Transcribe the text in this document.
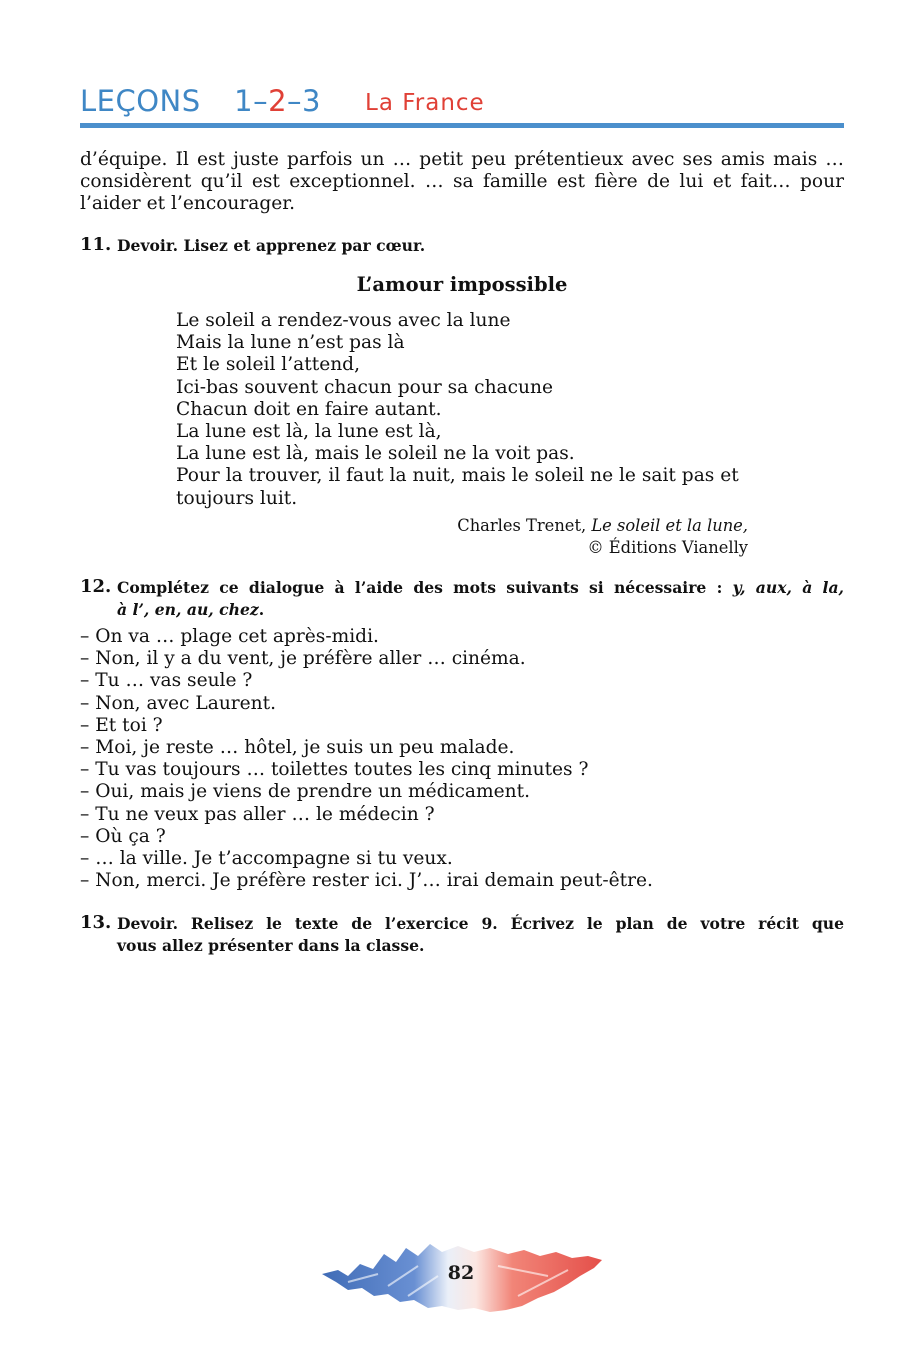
LEÇONS 1–2–3 La France
d’équipe. Il est juste parfois un … petit peu prétentieux avec ses amis mais …
considèrent qu’il est exceptionnel. … sa famille est fière de lui et fait… pour
l’aider et l’encourager.
11. Devoir. Lisez et apprenez par cœur.
L’amour impossible
Le soleil a rendez-vous avec la lune
Mais la lune n’est pas là
Et le soleil l’attend,
Ici-bas souvent chacun pour sa chacune
Chacun doit en faire autant.
La lune est là, la lune est là,
La lune est là, mais le soleil ne la voit pas.
Pour la trouver, il faut la nuit, mais le soleil ne le sait pas et
toujours luit.
Charles Trenet, Le soleil et la lune,
© Éditions Vianelly
12. Complétez ce dialogue à l’aide des mots suivants si nécessaire : y, aux, à la,
à l’, en, au, chez.
– On va … plage cet après-midi.
– Non, il y a du vent, je préfère aller … cinéma.
– Tu … vas seule ?
– Non, avec Laurent.
– Et toi ?
– Moi, je reste … hôtel, je suis un peu malade.
– Tu vas toujours … toilettes toutes les cinq minutes ?
– Oui, mais je viens de prendre un médicament.
– Tu ne veux pas aller … le médecin ?
– Où ça ?
– … la ville. Je t’accompagne si tu veux.
– Non, merci. Je préfère rester ici. J’… irai demain peut-être.
13. Devoir. Relisez le texte de l’exercice 9. Écrivez le plan de votre récit que
vous allez présenter dans la classe.
82
